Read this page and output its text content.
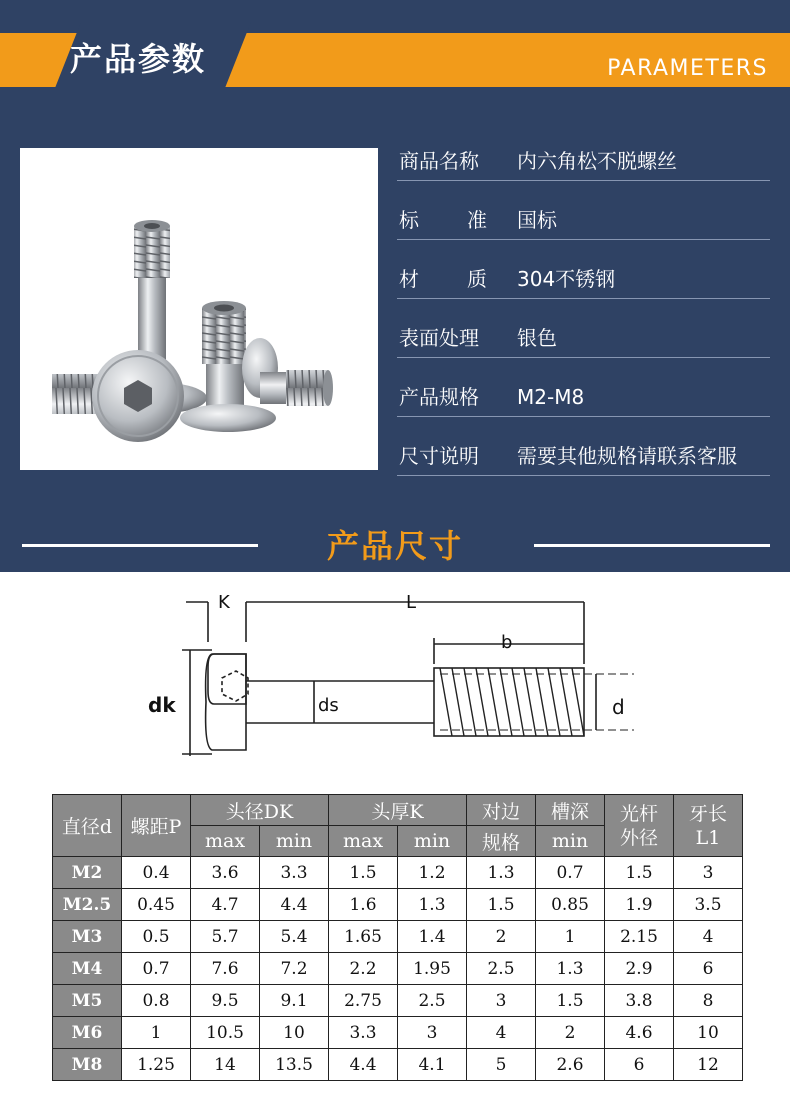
产品参数	PARAMETERS
商品名称	内六角松不脱螺丝
标 准 国标
材 质 304不锈钢
表面处理	银色
产品规格	M2-M8
尺寸说明	需要其他规格请联系客服
产品尺寸
K	L
b
dk	ds	d
直径d	螺距P	头径DK		头厚K		对边	槽深	光杆外径	牙长L1
		max	min	max	min	规格	min		
M2	0.4	3.6	3.3	1.5	1.2	1.3	0.7	1.5	3
M2.5	0.45	4.7	4.4	1.6	1.3	1.5	0.85	1.9	3.5
M3	0.5	5.7	5.4	1.65	1.4	2	1	2.15	4
M4	0.7	7.6	7.2	2.2	1.95	2.5	1.3	2.9	6
M5	0.8	9.5	9.1	2.75	2.5	3	1.5	3.8	8
M6	1	10.5	10	3.3	3	4	2	4.6	10
M8	1.25	14	13.5	4.4	4.1	5	2.6	6	12
